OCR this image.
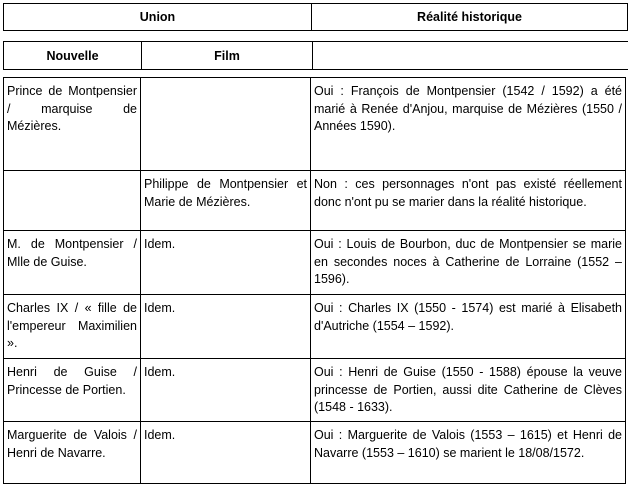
Union	Réalité historique
Nouvelle	Film	
Prince de Montpensier / marquise de Mézières.		Oui : François de Montpensier (1542 / 1592) a été marié à Renée d'Anjou, marquise de Mézières (1550 / Années 1590).
	Philippe de Montpensier et Marie de Mézières.	Non : ces personnages n'ont pas existé réellement donc n'ont pu se marier dans la réalité historique.
M. de Montpensier / Mlle de Guise.	Idem.	Oui : Louis de Bourbon, duc de Montpensier se marie en secondes noces à Catherine de Lorraine (1552 – 1596).
Charles IX / « fille de l'empereur Maximilien ».	Idem.	Oui : Charles IX (1550 - 1574) est marié à Elisabeth d'Autriche (1554 – 1592).
Henri de Guise / Princesse de Portien.	Idem.	Oui : Henri de Guise (1550 - 1588) épouse la veuve princesse de Portien, aussi dite Catherine de Clèves (1548 - 1633).
Marguerite de Valois / Henri de Navarre.	Idem.	Oui : Marguerite de Valois (1553 – 1615) et Henri de Navarre (1553 – 1610) se marient le 18/08/1572.
